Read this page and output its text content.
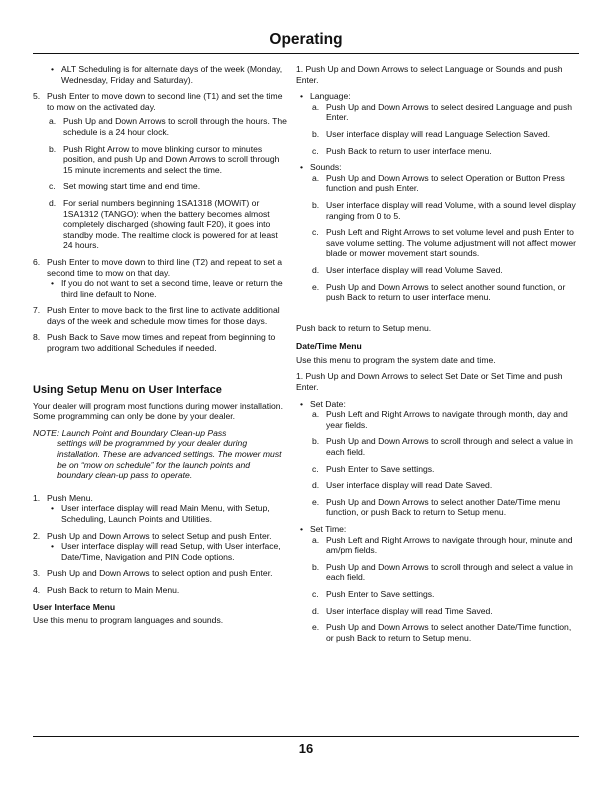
Operating
• ALT Scheduling is for alternate days of the week (Monday, Wednesday, Friday and Saturday).
5. Push Enter to move down to second line (T1) and set the time to mow on the activated day.
a. Push Up and Down Arrows to scroll through the hours. The schedule is a 24 hour clock.
b. Push Right Arrow to move blinking cursor to minutes position, and push Up and Down Arrows to scroll through 15 minute increments and select the time.
c. Set mowing start time and end time.
d. For serial numbers beginning 1SA1318 (MOWiT) or 1SA1312 (TANGO): when the battery becomes almost completely discharged (showing fault F20), it goes into standby mode. The realtime clock is powered for at least 24 hours.
6. Push Enter to move down to third line (T2) and repeat to set a second time to mow on that day.
• If you do not want to set a second time, leave or return the third line default to None.
7. Push Enter to move back to the first line to activate additional days of the week and schedule mow times for those days.
8. Push Back to Save mow times and repeat from beginning to program two additional Schedules if needed.
Using Setup Menu on User Interface

Your dealer will program most functions during mower installation. Some programming can only be done by your dealer.

NOTE: Launch Point and Boundary Clean-up Pass
settings will be programmed by your dealer during installation. These are advanced settings. The mower must be on “mow on schedule” for the launch points and boundary clean-up pass to operate.
1. Push Menu.
• User interface display will read Main Menu, with Setup, Scheduling, Launch Points and Utilities.
2. Push Up and Down Arrows to select Setup and push Enter.
• User interface display will read Setup, with User interface, Date/Time, Navigation and PIN Code options.
3. Push Up and Down Arrows to select option and push Enter.
4. Push Back to return to Main Menu.
User Interface Menu

Use this menu to program languages and sounds.

1. Push Up and Down Arrows to select Language or Sounds and push Enter.

• Language:
a. Push Up and Down Arrows to select desired Language and push Enter.
b. User interface display will read Language Selection Saved.
c. Push Back to return to user interface menu.
• Sounds:
a. Push Up and Down Arrows to select Operation or Button Press function and push Enter.
b. User interface display will read Volume, with a sound level display ranging from 0 to 5.
c. Push Left and Right Arrows to set volume level and push Enter to save volume setting. The volume adjustment will not affect mower blade or mower movement start sounds.
d. User interface display will read Volume Saved.
e. Push Up and Down Arrows to select another sound function, or push Back to return to user interface menu.

Push back to return to Setup menu.

Date/Time Menu

Use this menu to program the system date and time.

1. Push Up and Down Arrows to select Set Date or Set Time and push Enter.

• Set Date:
a. Push Left and Right Arrows to navigate through month, day and year fields.
b. Push Up and Down Arrows to scroll through and select a value in each field.
c. Push Enter to Save settings.
d. User interface display will read Date Saved.
e. Push Up and Down Arrows to select another Date/Time menu function, or push Back to return to Setup menu.
• Set Time:
a. Push Left and Right Arrows to navigate through hour, minute and am/pm fields.
b. Push Up and Down Arrows to scroll through and select a value in each field.
c. Push Enter to Save settings.
d. User interface display will read Time Saved.
e. Push Up and Down Arrows to select another Date/Time function, or push Back to return to Setup menu.
16
